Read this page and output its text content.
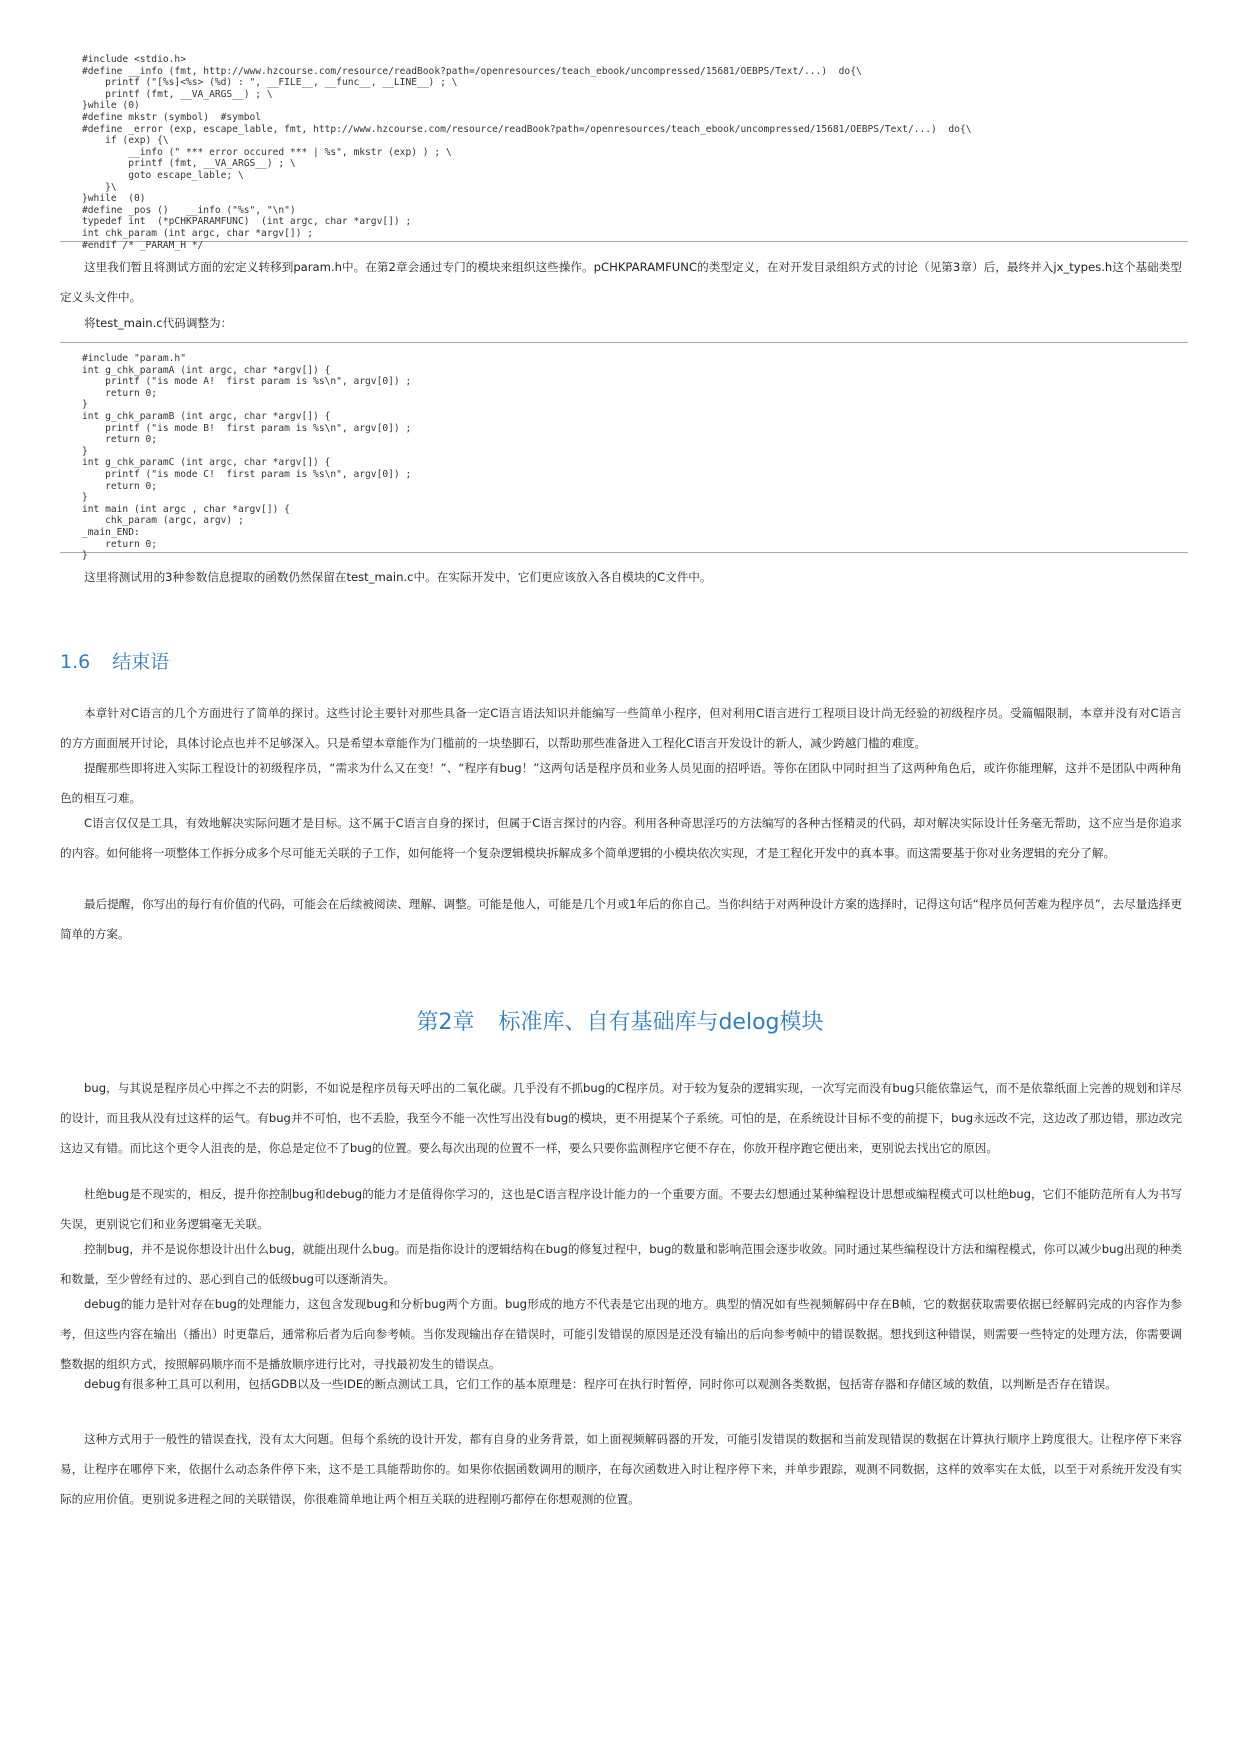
#include <stdio.h>
#define __info (fmt, http://www.hzcourse.com/resource/readBook?path=/openresources/teach_ebook/uncompressed/15681/OEBPS/Text/...)  do{\
printf ("[%s]<%s> (%d) : ", __FILE__, __func__, __LINE__) ; \
printf (fmt, __VA_ARGS__) ; \
}while (0)
#define mkstr (symbol)  #symbol
#define _error (exp, escape_lable, fmt, http://www.hzcourse.com/resource/readBook?path=/openresources/teach_ebook/uncompressed/15681/OEBPS/Text/...)  do{\
if (exp) {\
__info (" *** error occured *** | %s", mkstr (exp) ) ; \
printf (fmt, __VA_ARGS__) ; \
goto escape_lable; \
}\
}while  (0)
#define _pos ()   __info ("%s", "\n")
typedef int  (*pCHKPARAMFUNC)  (int argc, char *argv[]) ;
int chk_param (int argc, char *argv[]) ;
#endif /* _PARAM_H */

这里我们暂且将测试方面的宏定义转移到param.h中。在第2章会通过专门的模块来组织这些操作。pCHKPARAMFUNC的类型定义，在对开发目录组织方式的讨论（见第3章）后，最终并入jx_types.h这个基础类型定义头文件中。

将test_main.c代码调整为：

#include "param.h"
int g_chk_paramA (int argc, char *argv[]) {
printf ("is mode A!  first param is %s\n", argv[0]) ;
return 0;
}
int g_chk_paramB (int argc, char *argv[]) {
printf ("is mode B!  first param is %s\n", argv[0]) ;
return 0;
}
int g_chk_paramC (int argc, char *argv[]) {
printf ("is mode C!  first param is %s\n", argv[0]) ;
return 0;
}
int main (int argc , char *argv[]) {
chk_param (argc, argv) ;
_main_END:
return 0;
}

这里将测试用的3种参数信息提取的函数仍然保留在test_main.c中。在实际开发中，它们更应该放入各自模块的C文件中。

1.6 结束语

本章针对C语言的几个方面进行了简单的探讨。这些讨论主要针对那些具备一定C语言语法知识并能编写一些简单小程序，但对利用C语言进行工程项目设计尚无经验的初级程序员。受篇幅限制，本章并没有对C语言的方方面面展开讨论，具体讨论点也并不足够深入。只是希望本章能作为门槛前的一块垫脚石，以帮助那些准备进入工程化C语言开发设计的新人，减少跨越门槛的难度。

提醒那些即将进入实际工程设计的初级程序员，“需求为什么又在变！”、“程序有bug！”这两句话是程序员和业务人员见面的招呼语。等你在团队中同时担当了这两种角色后，或许你能理解，这并不是团队中两种角色的相互刁难。

C语言仅仅是工具，有效地解决实际问题才是目标。这不属于C语言自身的探讨，但属于C语言探讨的内容。利用各种奇思淫巧的方法编写的各种古怪精灵的代码，却对解决实际设计任务毫无帮助，这不应当是你追求的内容。如何能将一项整体工作拆分成多个尽可能无关联的子工作，如何能将一个复杂逻辑模块拆解成多个简单逻辑的小模块依次实现，才是工程化开发中的真本事。而这需要基于你对业务逻辑的充分了解。

最后提醒，你写出的每行有价值的代码，可能会在后续被阅读、理解、调整。可能是他人，可能是几个月或1年后的你自己。当你纠结于对两种设计方案的选择时，记得这句话“程序员何苦难为程序员”，去尽量选择更简单的方案。

第2章 标准库、自有基础库与delog模块

bug，与其说是程序员心中挥之不去的阴影，不如说是程序员每天呼出的二氧化碳。几乎没有不抓bug的C程序员。对于较为复杂的逻辑实现，一次写完而没有bug只能依靠运气，而不是依靠纸面上完善的规划和详尽的设计，而且我从没有过这样的运气。有bug并不可怕，也不丢脸，我至今不能一次性写出没有bug的模块，更不用提某个子系统。可怕的是，在系统设计目标不变的前提下，bug永远改不完，这边改了那边错，那边改完这边又有错。而比这个更令人沮丧的是，你总是定位不了bug的位置。要么每次出现的位置不一样，要么只要你监测程序它便不存在，你放开程序跑它便出来，更别说去找出它的原因。

杜绝bug是不现实的，相反，提升你控制bug和debug的能力才是值得你学习的，这也是C语言程序设计能力的一个重要方面。不要去幻想通过某种编程设计思想或编程模式可以杜绝bug，它们不能防范所有人为书写失误，更别说它们和业务逻辑毫无关联。

控制bug，并不是说你想设计出什么bug，就能出现什么bug。而是指你设计的逻辑结构在bug的修复过程中，bug的数量和影响范围会逐步收敛。同时通过某些编程设计方法和编程模式，你可以减少bug出现的种类和数量，至少曾经有过的、恶心到自己的低级bug可以逐渐消失。

debug的能力是针对存在bug的处理能力，这包含发现bug和分析bug两个方面。bug形成的地方不代表是它出现的地方。典型的情况如有些视频解码中存在B帧，它的数据获取需要依据已经解码完成的内容作为参考，但这些内容在输出（播出）时更靠后，通常称后者为后向参考帧。当你发现输出存在错误时，可能引发错误的原因是还没有输出的后向参考帧中的错误数据。想找到这种错误，则需要一些特定的处理方法，你需要调整数据的组织方式，按照解码顺序而不是播放顺序进行比对，寻找最初发生的错误点。

debug有很多种工具可以利用，包括GDB以及一些IDE的断点测试工具，它们工作的基本原理是：程序可在执行时暂停，同时你可以观测各类数据，包括寄存器和存储区域的数值，以判断是否存在错误。

这种方式用于一般性的错误查找，没有太大问题。但每个系统的设计开发，都有自身的业务背景，如上面视频解码器的开发，可能引发错误的数据和当前发现错误的数据在计算执行顺序上跨度很大。让程序停下来容易，让程序在哪停下来，依据什么动态条件停下来，这不是工具能帮助你的。如果你依据函数调用的顺序，在每次函数进入时让程序停下来，并单步跟踪，观测不同数据，这样的效率实在太低，以至于对系统开发没有实际的应用价值。更别说多进程之间的关联错误，你很难简单地让两个相互关联的进程刚巧都停在你想观测的位置。
